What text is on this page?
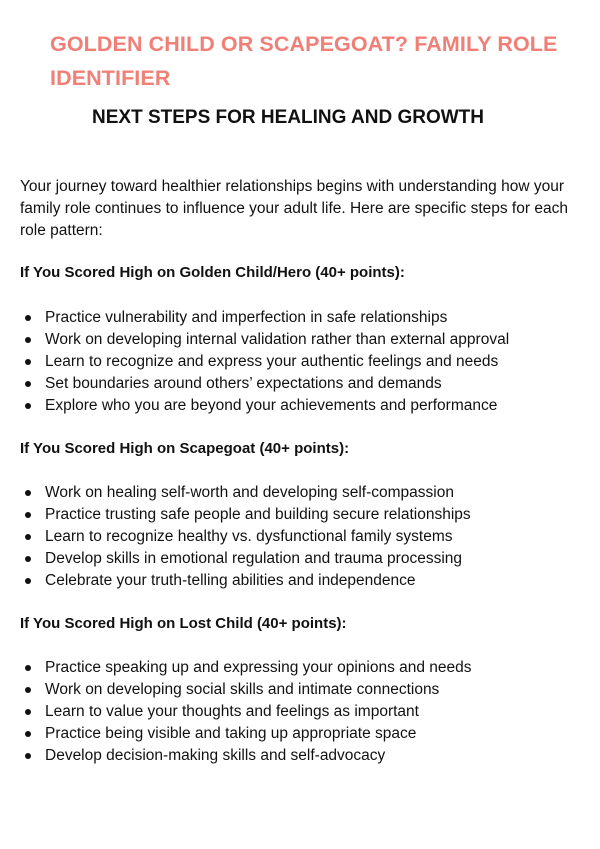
GOLDEN CHILD OR SCAPEGOAT? FAMILY ROLE IDENTIFIER
NEXT STEPS FOR HEALING AND GROWTH

Your journey toward healthier relationships begins with understanding how your family role continues to influence your adult life. Here are specific steps for each role pattern:

If You Scored High on Golden Child/Hero (40+ points):
Practice vulnerability and imperfection in safe relationships
Work on developing internal validation rather than external approval
Learn to recognize and express your authentic feelings and needs
Set boundaries around others’ expectations and demands
Explore who you are beyond your achievements and performance
If You Scored High on Scapegoat (40+ points):
Work on healing self-worth and developing self-compassion
Practice trusting safe people and building secure relationships
Learn to recognize healthy vs. dysfunctional family systems
Develop skills in emotional regulation and trauma processing
Celebrate your truth-telling abilities and independence
If You Scored High on Lost Child (40+ points):
Practice speaking up and expressing your opinions and needs
Work on developing social skills and intimate connections
Learn to value your thoughts and feelings as important
Practice being visible and taking up appropriate space
Develop decision-making skills and self-advocacy
